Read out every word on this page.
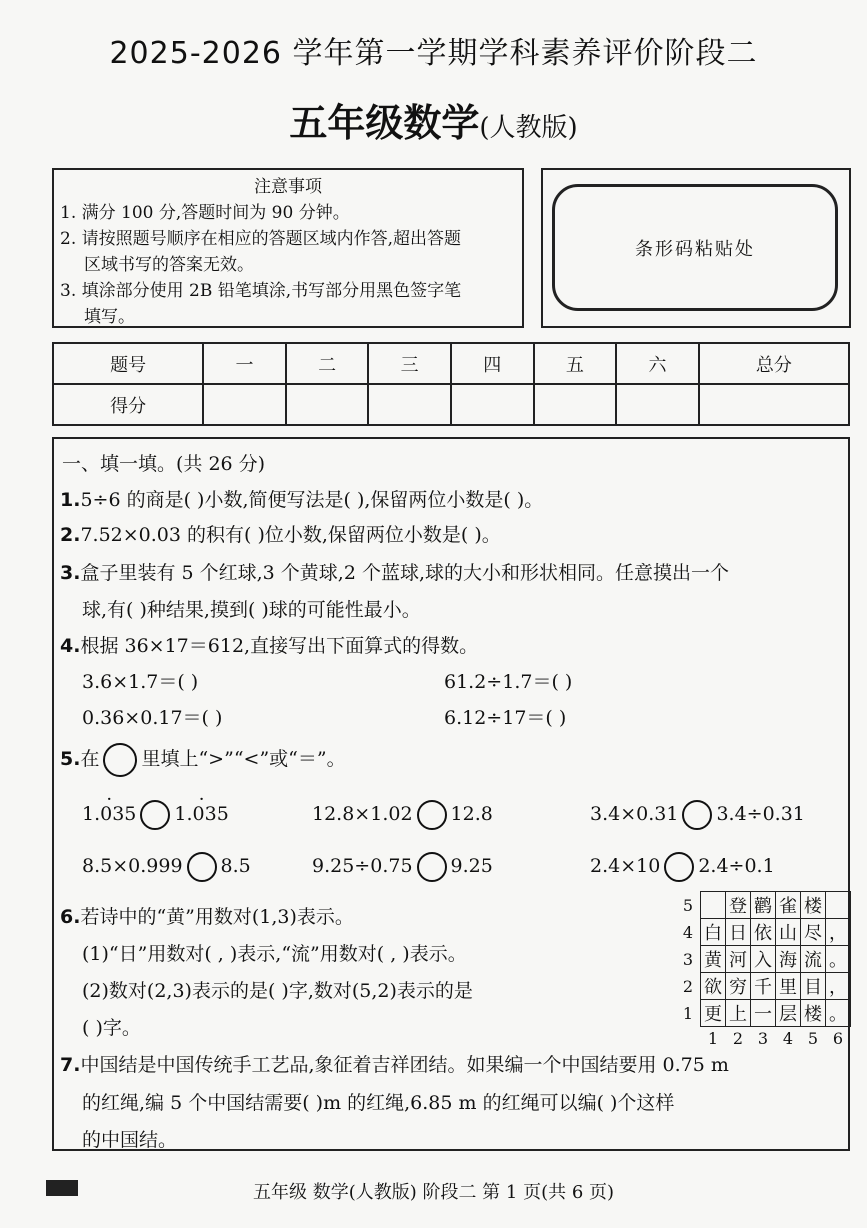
2025-2026 学年第一学期学科素养评价阶段二
五年级数学(人教版)
注意事项
1. 满分 100 分,答题时间为 90 分钟。
2. 请按照题号顺序在相应的答题区域内作答,超出答题
区域书写的答案无效。
3. 填涂部分使用 2B 铅笔填涂,书写部分用黑色签字笔
填写。
条形码粘贴处
题号	一	二	三	四	五	六	总分
得分							
一、填一填。(共 26 分)
1.5÷6 的商是( )小数,简便写法是( ),保留两位小数是( )。
2.7.52×0.03 的积有( )位小数,保留两位小数是( )。
3.盒子里装有 5 个红球,3 个黄球,2 个蓝球,球的大小和形状相同。任意摸出一个
球,有( )种结果,摸到( )球的可能性最小。
4.根据 36×17＝612,直接写出下面算式的得数。
3.6×1.7＝( )	61.2÷1.7＝( )
0.36×0.17＝( )	6.12÷17＝( )
5.在 里填上“>”“<”或“＝”。
· 1.035 · 1.035	12.8×1.02 12.8	3.4×0.31 3.4÷0.31
8.5×0.999 8.5	9.25÷0.75 9.25	2.4×10 2.4÷0.1
6.若诗中的“黄”用数对(1,3)表示。
(1)“日”用数对( , )表示,“流”用数对( , )表示。
(2)数对(2,3)表示的是( )字,数对(5,2)表示的是
( )字。
5		登	鹳	雀	楼	
4	白	日	依	山	尽	，
3	黄	河	入	海	流	。
2	欲	穷	千	里	目	，
1	更	上	一	层	楼	。
	1	2	3	4	5	6
7.中国结是中国传统手工艺品,象征着吉祥团结。如果编一个中国结要用 0.75 m
的红绳,编 5 个中国结需要( )m 的红绳,6.85 m 的红绳可以编( )个这样
的中国结。
五年级 数学(人教版) 阶段二 第 1 页(共 6 页)
